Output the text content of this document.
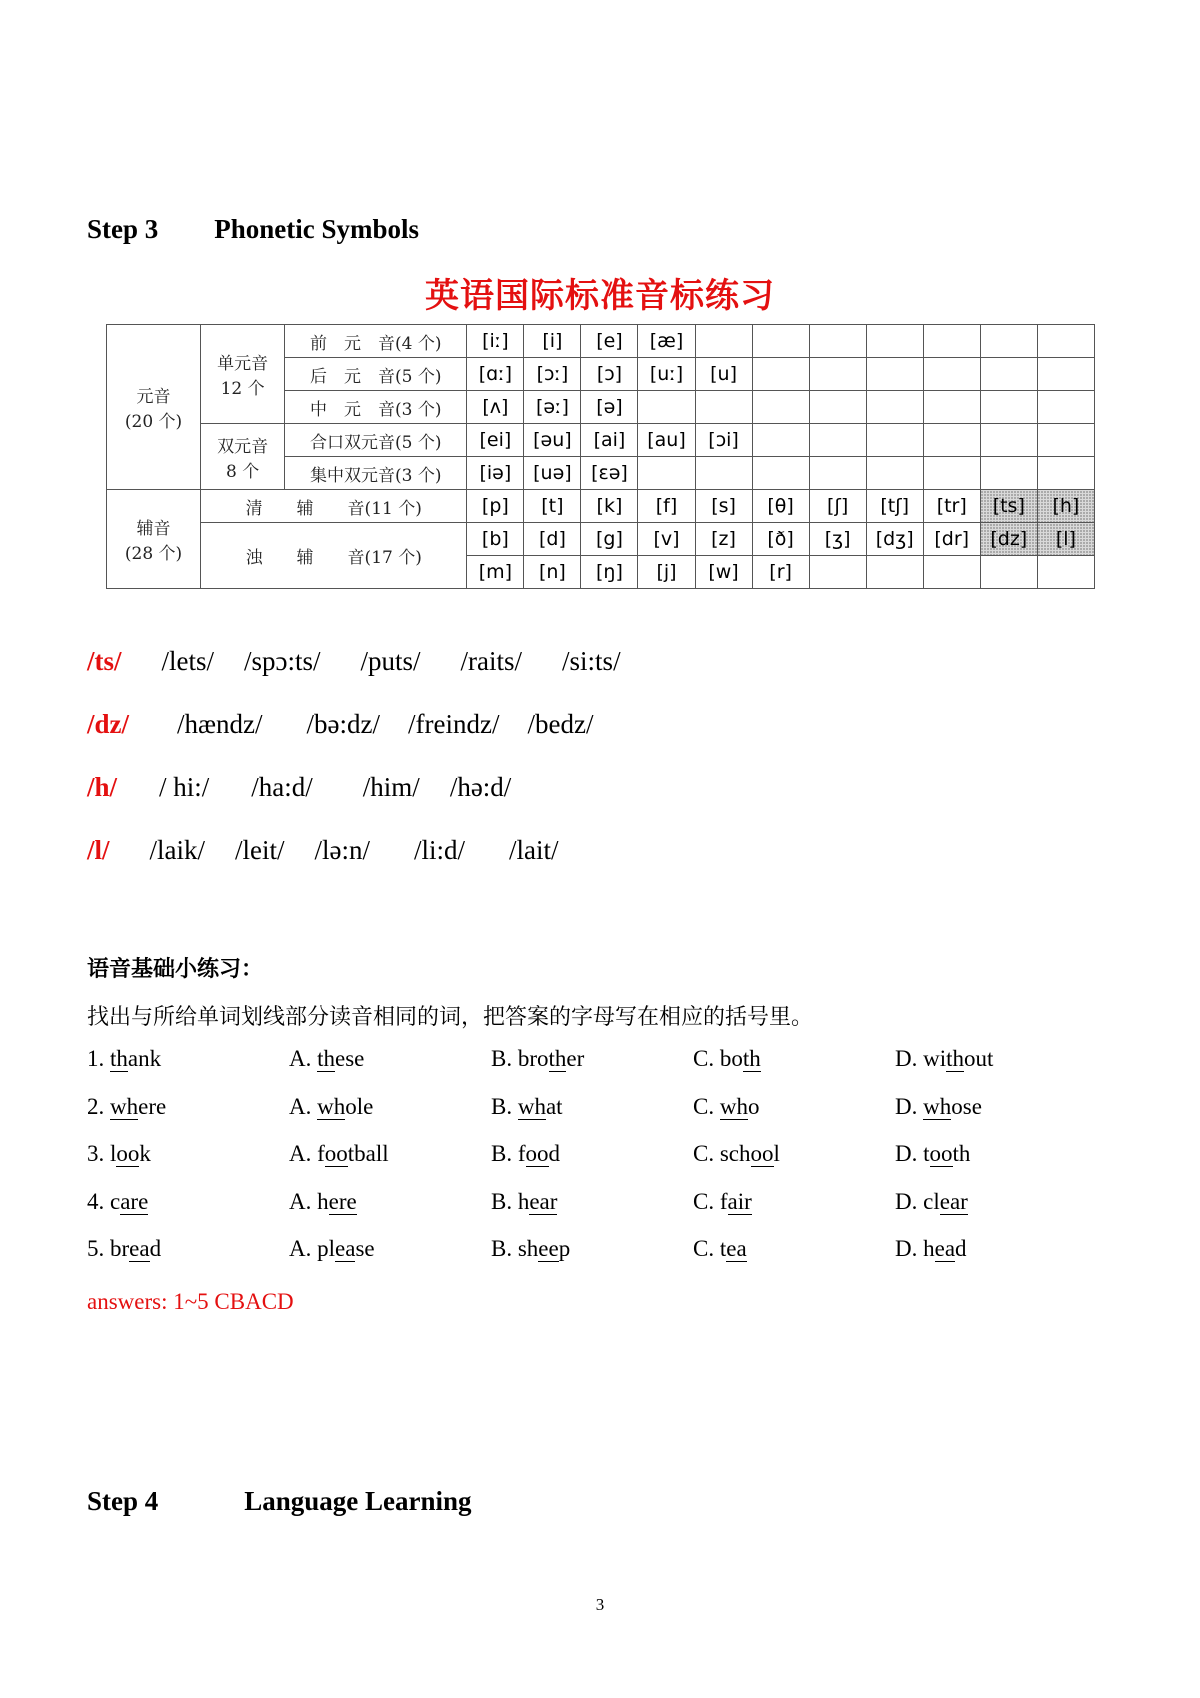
Step 3 Phonetic Symbols
英语国际标准音标练习
元音
(20 个)	单元音
12 个	前　元　音(4 个)	[iː]	[i]	[e]	[æ]							
		后　元　音(5 个)	[ɑː]	[ɔː]	[ɔ]	[uː]	[u]						
		中　元　音(3 个)	[ʌ]	[əː]	[ə]								
	双元音
8 个	合口双元音(5 个)	[ei]	[əu]	[ai]	[au]	[ɔi]						
		集中双元音(3 个)	[iə]	[uə]	[ɛə]								
辅音
(28 个)	清　　辅　　音(11 个)		[p]	[t]	[k]	[f]	[s]	[θ]	[ʃ]	[tʃ]	[tr]	[ts]	[h]
	浊　　辅　　音(17 个)		[b]	[d]	[g]	[v]	[z]	[ð]	[ʒ]	[dʒ]	[dr]	[dz]	[l]
			[m]	[n]	[ŋ]	[j]	[w]	[r]					
/ts/ /lets/ /spɔ:ts/ /puts/ /raits/ /si:ts/
/dz/ /hændz/ /bə:dz/ /freindz/ /bedz/
/h/ / hi:/ /ha:d/ /him/ /hə:d/
/l/ /laik/ /leit/ /lə:n/ /li:d/ /lait/
语音基础小练习：
找出与所给单词划线部分读音相同的词，把答案的字母写在相应的括号里。
1. thank	A. these	B. brother	C. both	D. without
2. where	A. whole	B. what	C. who	D. whose
3. look	A. football	B. food	C. school	D. tooth
4. care	A. here	B. hear	C. fair	D. clear
5. bread	A. please	B. sheep	C. tea	D. head
answers: 1~5 CBACD
Step 4	Language Learning
3
